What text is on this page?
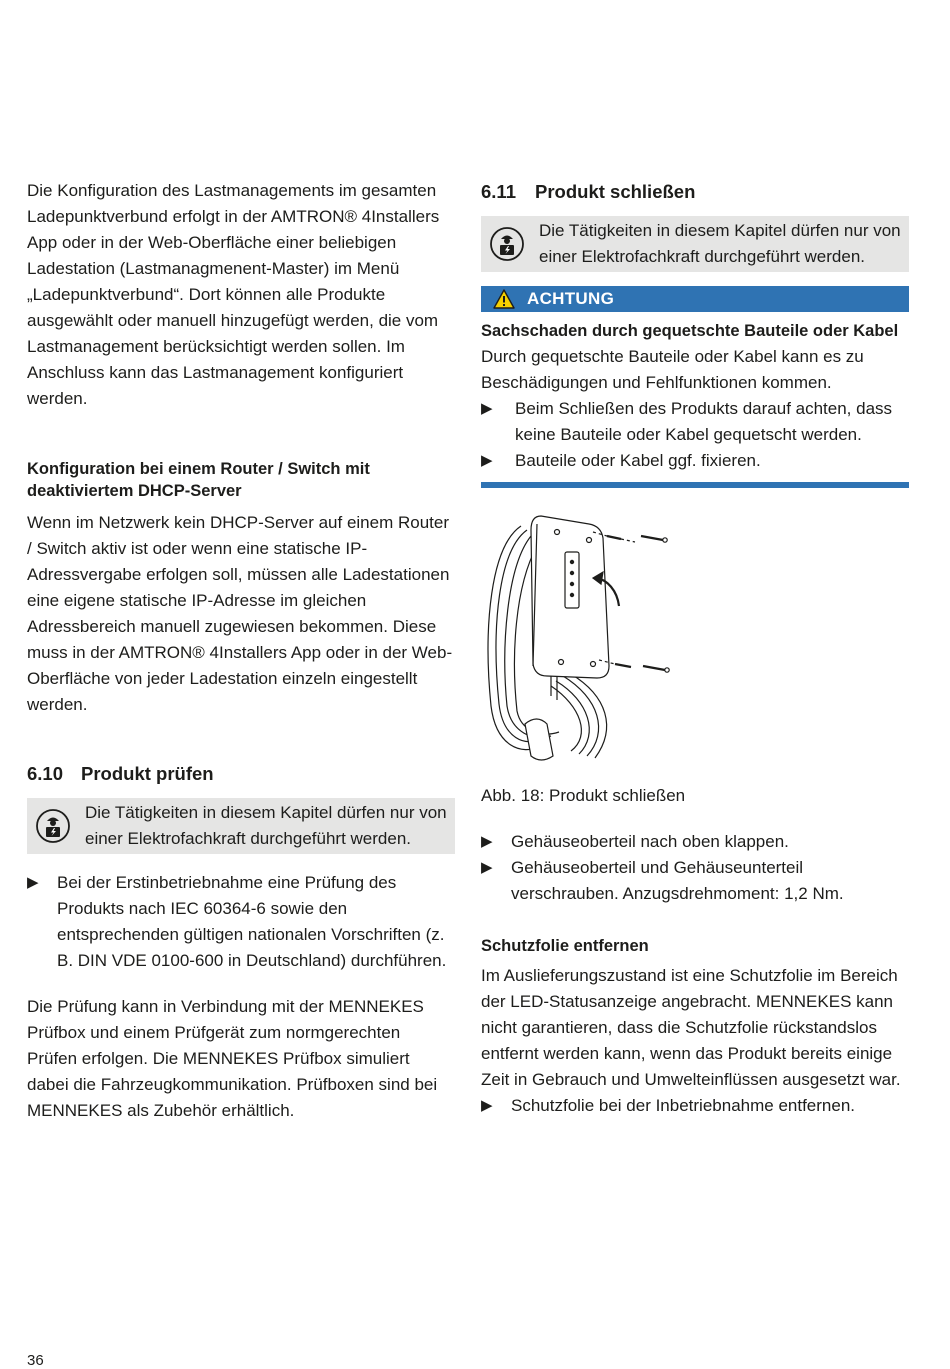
Die Konfiguration des Lastmanagements im gesamten Ladepunktverbund erfolgt in der AMTRON® 4Installers App oder in der Web-Oberfläche einer beliebigen Ladestation (Lastmanagmenent-Master) im Menü „Ladepunktverbund“. Dort können alle Produkte ausgewählt oder manuell hinzugefügt werden, die vom Lastmanagement berücksichtigt werden sollen. Im Anschluss kann das Lastmanagement konfiguriert werden.

Konfiguration bei einem Router / Switch mit deaktiviertem DHCP-Server

Wenn im Netzwerk kein DHCP-Server auf einem Router / Switch aktiv ist oder wenn eine statische IP-Adressvergabe erfolgen soll, müssen alle Ladestationen eine eigene statische IP-Adresse im gleichen Adressbereich manuell zugewiesen bekommen. Diese muss in der AMTRON® 4Installers App oder in der Web-Oberfläche von jeder Ladestation einzeln eingestellt werden.

6.10 Produkt prüfen

Die Tätigkeiten in diesem Kapitel dürfen nur von einer Elektrofachkraft durchgeführt werden.

▶	Bei der Erstinbetriebnahme eine Prüfung des Produkts nach IEC 60364-6 sowie den entsprechenden gültigen nationalen Vorschriften (z. B. DIN VDE 0100-600 in Deutschland) durchführen.

Die Prüfung kann in Verbindung mit der MENNEKES Prüfbox und einem Prüfgerät zum normgerechten Prüfen erfolgen. Die MENNEKES Prüfbox simuliert dabei die Fahrzeugkommunikation. Prüfboxen sind bei MENNEKES als Zubehör erhältlich.

6.11 Produkt schließen

Die Tätigkeiten in diesem Kapitel dürfen nur von einer Elektrofachkraft durchgeführt werden.

ACHTUNG
Sachschaden durch gequetschte Bauteile oder Kabel

Durch gequetschte Bauteile oder Kabel kann es zu Beschädigungen und Fehlfunktionen kommen.

▶	Beim Schließen des Produkts darauf achten, dass keine Bauteile oder Kabel gequetscht werden.

▶	Bauteile oder Kabel ggf. fixieren.

Abb. 18: Produkt schließen

▶	Gehäuseoberteil nach oben klappen.

▶	Gehäuseoberteil und Gehäuseunterteil verschrauben. Anzugsdrehmoment: 1,2 Nm.

Schutzfolie entfernen

Im Auslieferungszustand ist eine Schutzfolie im Bereich der LED-Statusanzeige angebracht. MENNEKES kann nicht garantieren, dass die Schutzfolie rückstandslos entfernt werden kann, wenn das Produkt bereits einige Zeit in Gebrauch und Umwelteinflüssen ausgesetzt war.

▶	Schutzfolie bei der Inbetriebnahme entfernen.

36
